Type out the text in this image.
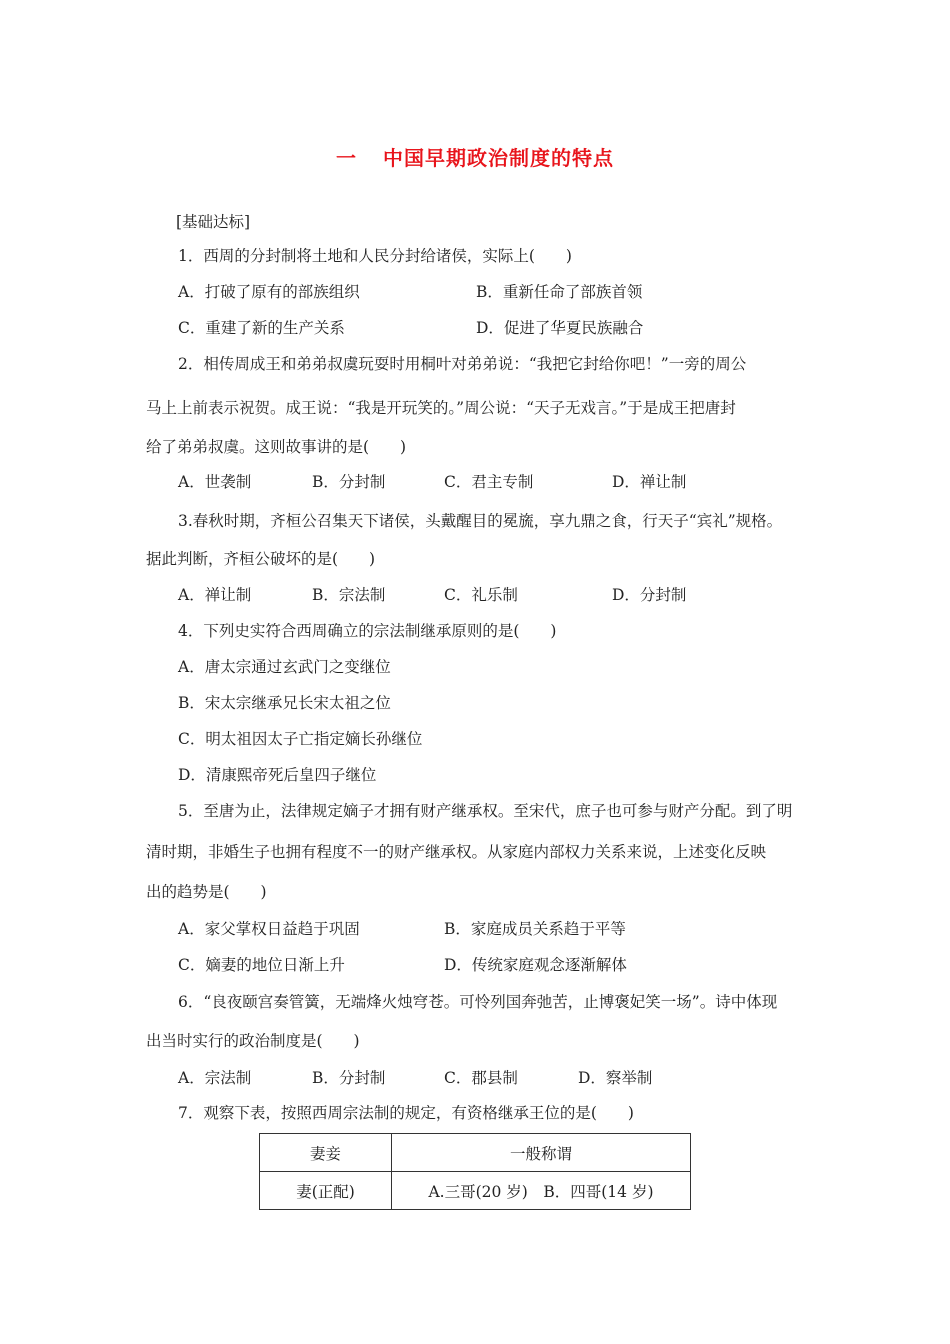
一 中国早期政治制度的特点
[基础达标]
1．西周的分封制将土地和人民分封给诸侯，实际上(　　)
A．打破了原有的部族组织	B．重新任命了部族首领
C．重建了新的生产关系	D．促进了华夏民族融合
2．相传周成王和弟弟叔虞玩耍时用桐叶对弟弟说：“我把它封给你吧！”一旁的周公
马上上前表示祝贺。成王说：“我是开玩笑的。”周公说：“天子无戏言。”于是成王把唐封
给了弟弟叔虞。这则故事讲的是(　　)
A．世袭制	B．分封制	C．君主专制	D．禅让制
3.春秋时期，齐桓公召集天下诸侯，头戴醒目的冕旒，享九鼎之食，行天子“宾礼”规格。
据此判断，齐桓公破坏的是(　　)
A．禅让制	B．宗法制	C．礼乐制	D．分封制
4．下列史实符合西周确立的宗法制继承原则的是(　　)
A．唐太宗通过玄武门之变继位
B．宋太宗继承兄长宋太祖之位
C．明太祖因太子亡指定嫡长孙继位
D．清康熙帝死后皇四子继位
5．至唐为止，法律规定嫡子才拥有财产继承权。至宋代，庶子也可参与财产分配。到了明
清时期，非婚生子也拥有程度不一的财产继承权。从家庭内部权力关系来说，上述变化反映
出的趋势是(　　)
A．家父掌权日益趋于巩固	B．家庭成员关系趋于平等
C．嫡妻的地位日渐上升	D．传统家庭观念逐渐解体
6．“良夜颐宫奏管簧，无端烽火烛穹苍。可怜列国奔弛苦，止博褒妃笑一场”。诗中体现
出当时实行的政治制度是(　　)
A．宗法制	B．分封制	C．郡县制	D．察举制
7．观察下表，按照西周宗法制的规定，有资格继承王位的是(　　)
妻妾	一般称谓
妻(正配)	A.三哥(20 岁)　B．四哥(14 岁)
